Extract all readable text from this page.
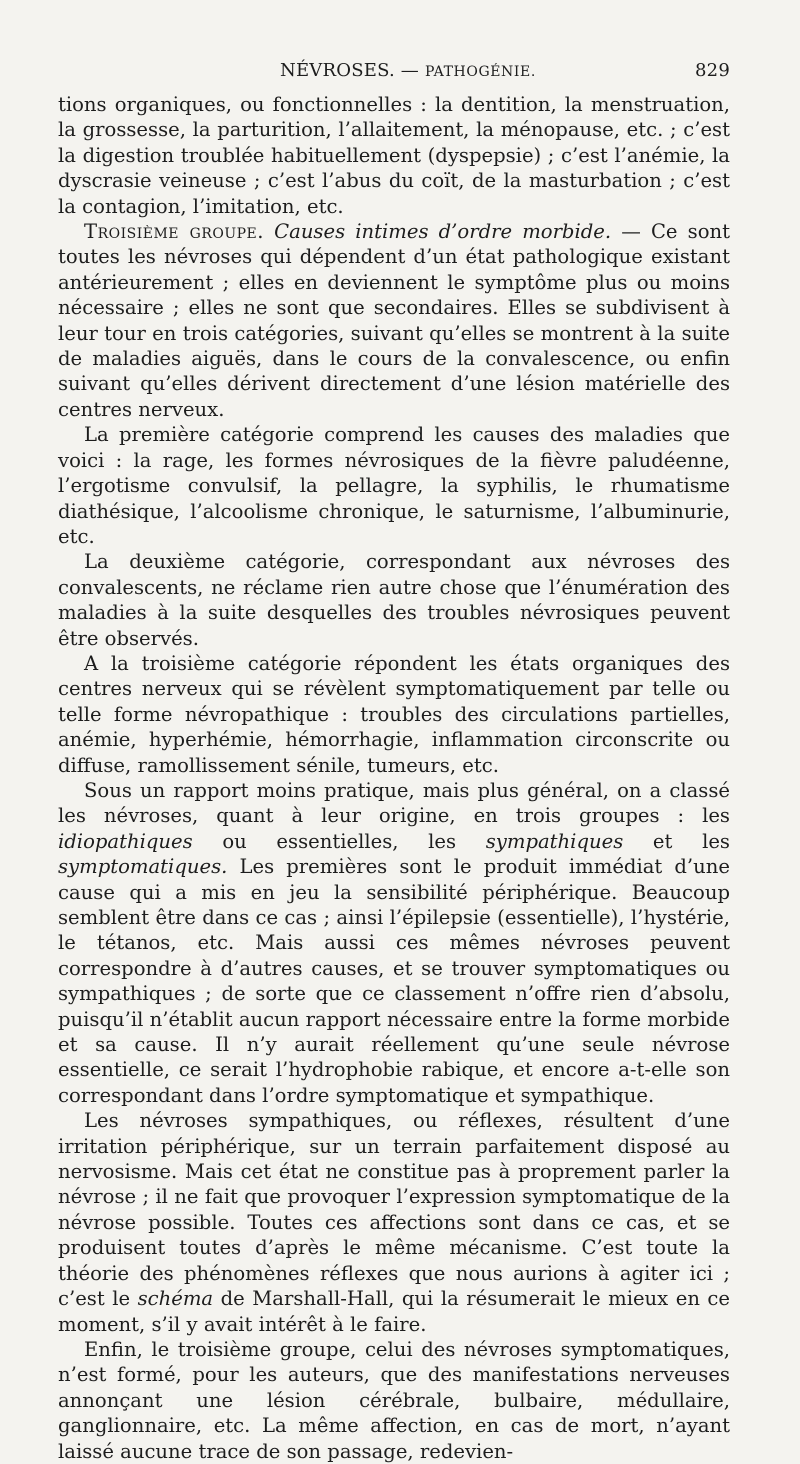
NÉVROSES. — PATHOGÉNIE.	829

tions organiques, ou fonctionnelles : la dentition, la menstruation, la grossesse, la parturition, l’allaitement, la ménopause, etc. ; c’est la digestion troublée habituellement (dyspepsie) ; c’est l’anémie, la dyscrasie veineuse ; c’est l’abus du coït, de la masturbation ; c’est la contagion, l’imitation, etc.

Troisième groupe. Causes intimes d’ordre morbide. — Ce sont toutes les névroses qui dépendent d’un état pathologique existant antérieurement ; elles en deviennent le symptôme plus ou moins nécessaire ; elles ne sont que secondaires. Elles se subdivisent à leur tour en trois catégories, suivant qu’elles se montrent à la suite de maladies aiguës, dans le cours de la convalescence, ou enfin suivant qu’elles dérivent directement d’une lésion matérielle des centres nerveux.

La première catégorie comprend les causes des maladies que voici : la rage, les formes névrosiques de la fièvre paludéenne, l’ergotisme convulsif, la pellagre, la syphilis, le rhumatisme diathésique, l’alcoolisme chronique, le saturnisme, l’albuminurie, etc.

La deuxième catégorie, correspondant aux névroses des convalescents, ne réclame rien autre chose que l’énumération des maladies à la suite desquelles des troubles névrosiques peuvent être observés.

A la troisième catégorie répondent les états organiques des centres nerveux qui se révèlent symptomatiquement par telle ou telle forme névropathique : troubles des circulations partielles, anémie, hyperhémie, hémorrhagie, inflammation circonscrite ou diffuse, ramollissement sénile, tumeurs, etc.

Sous un rapport moins pratique, mais plus général, on a classé les névroses, quant à leur origine, en trois groupes : les idiopathiques ou essentielles, les sympathiques et les symptomatiques. Les premières sont le produit immédiat d’une cause qui a mis en jeu la sensibilité périphérique. Beaucoup semblent être dans ce cas ; ainsi l’épilepsie (essentielle), l’hystérie, le tétanos, etc. Mais aussi ces mêmes névroses peuvent correspondre à d’autres causes, et se trouver symptomatiques ou sympathiques ; de sorte que ce classement n’offre rien d’absolu, puisqu’il n’établit aucun rapport nécessaire entre la forme morbide et sa cause. Il n’y aurait réellement qu’une seule névrose essentielle, ce serait l’hydrophobie rabique, et encore a-t-elle son correspondant dans l’ordre symptomatique et sympathique.

Les névroses sympathiques, ou réflexes, résultent d’une irritation périphérique, sur un terrain parfaitement disposé au nervosisme. Mais cet état ne constitue pas à proprement parler la névrose ; il ne fait que provoquer l’expression symptomatique de la névrose possible. Toutes ces affections sont dans ce cas, et se produisent toutes d’après le même mécanisme. C’est toute la théorie des phénomènes réflexes que nous aurions à agiter ici ; c’est le schéma de Marshall-Hall, qui la résumerait le mieux en ce moment, s’il y avait intérêt à le faire.

Enfin, le troisième groupe, celui des névroses symptomatiques, n’est formé, pour les auteurs, que des manifestations nerveuses annonçant une lésion cérébrale, bulbaire, médullaire, ganglionnaire, etc. La même affection, en cas de mort, n’ayant laissé aucune trace de son passage, redevien-
